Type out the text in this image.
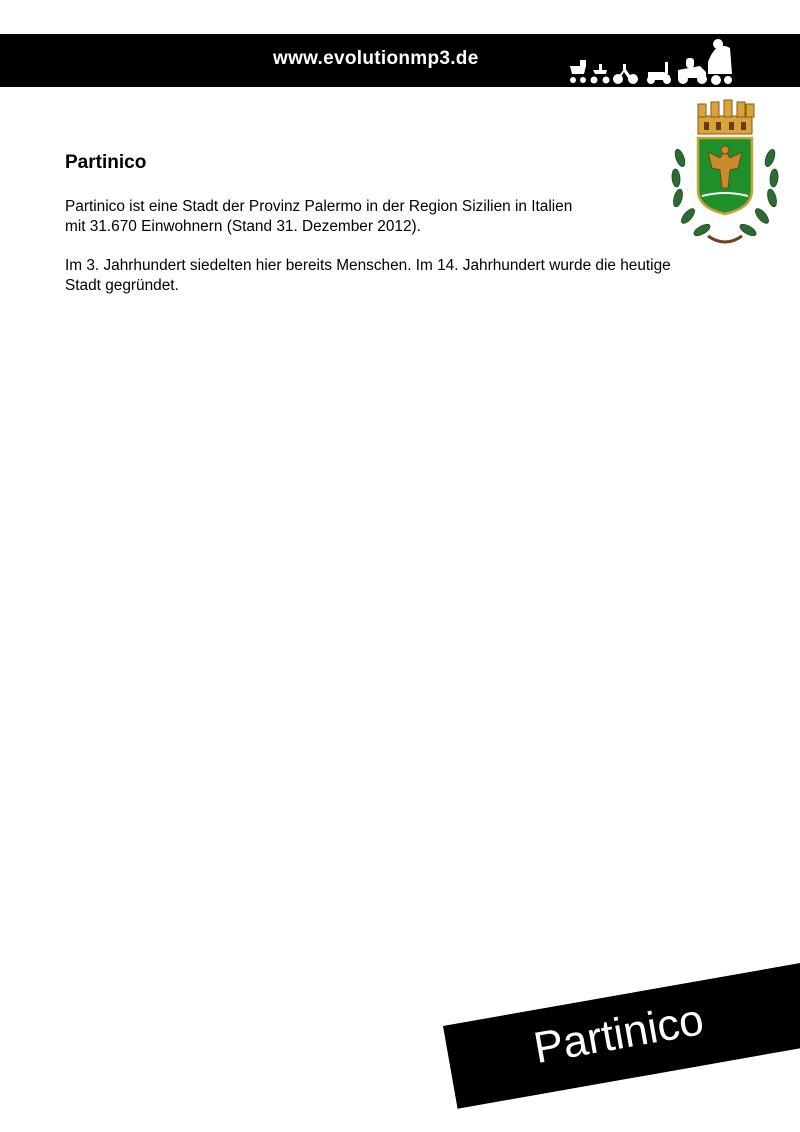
www.evolutionmp3.de
Partinico

Partinico ist eine Stadt der Provinz Palermo in der Region Sizilien in Italien
mit 31.670 Einwohnern (Stand 31. Dezember 2012).

Im 3. Jahrhundert siedelten hier bereits Menschen. Im 14. Jahrhundert wurde die heutige
Stadt gegründet.

Partinico
